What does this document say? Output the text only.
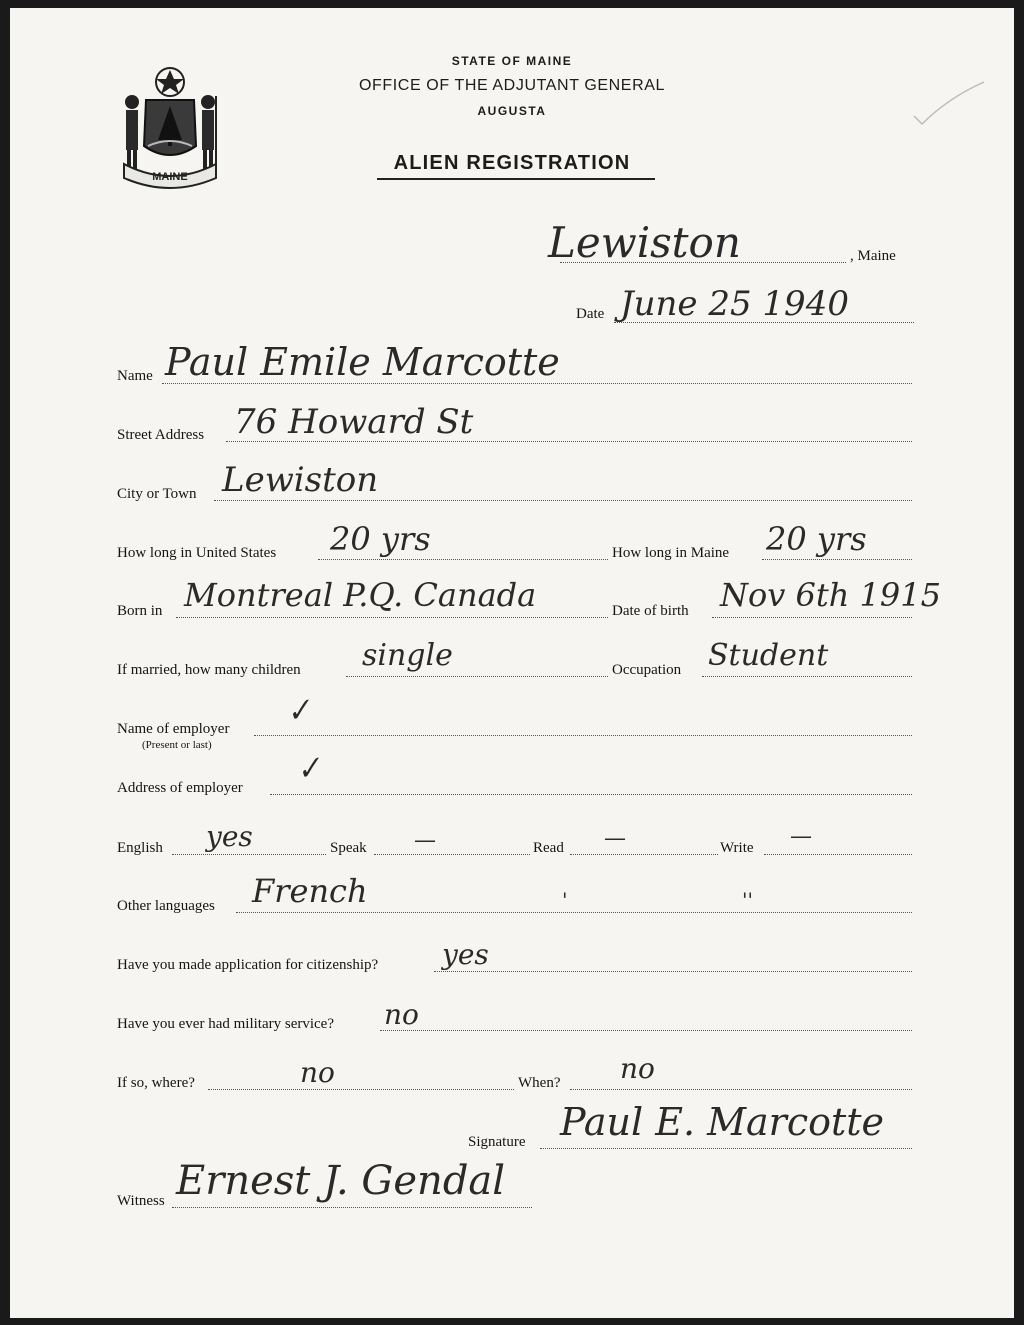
MAINE
STATE OF MAINE
OFFICE OF THE ADJUTANT GENERAL
AUGUSTA
ALIEN REGISTRATION
Lewiston	, Maine
Date June 25 1940
Name Paul Emile Marcotte
Street Address 76 Howard St
City or Town Lewiston
How long in United States 20 yrs	How long in Maine 20 yrs
Born in Montreal P.Q. Canada	Date of birth Nov 6th 1915
If married, how many children single	Occupation Student
Name of employer
(Present or last)
✓
Address of employer ✓
English yes	Speak —	Read —	Write —
Other languages French	'	''
Have you made application for citizenship? yes
Have you ever had military service? no
If so, where?	no	When? no
Signature Paul E. Marcotte
Witness Ernest J. Gendal
